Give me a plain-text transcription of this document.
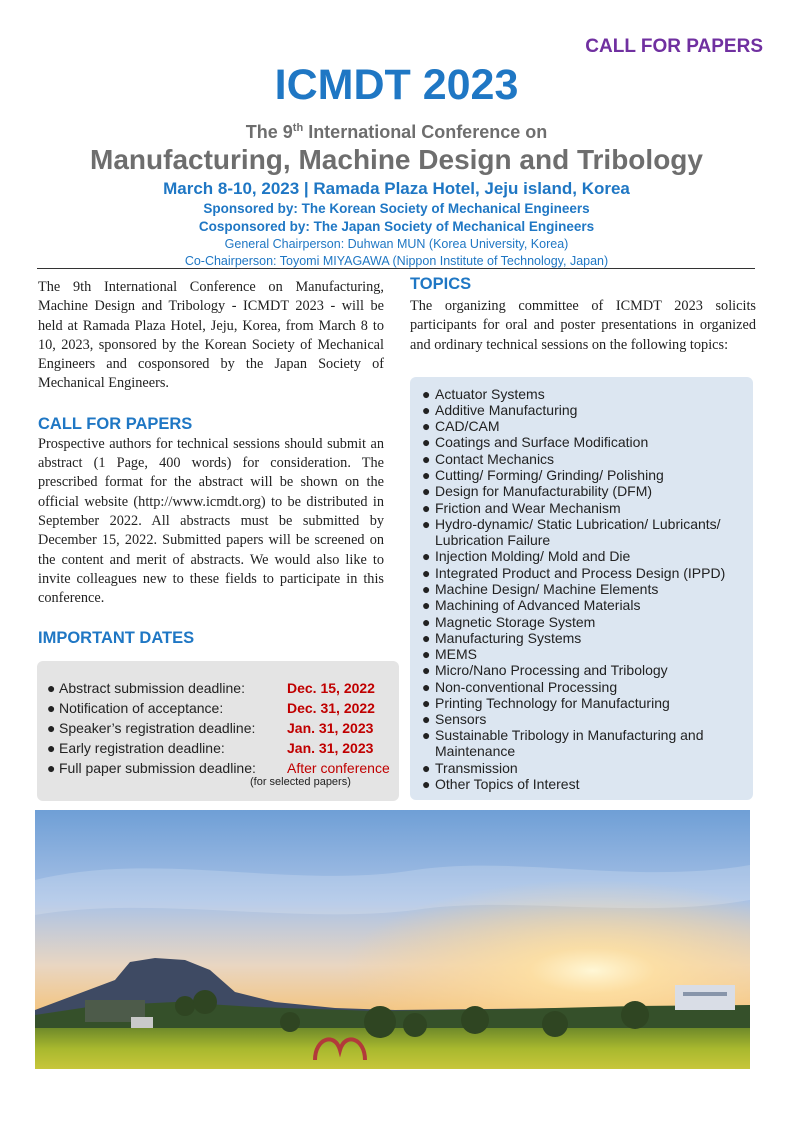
CALL FOR PAPERS
ICMDT 2023
The 9th International Conference on
Manufacturing, Machine Design and Tribology
March 8-10, 2023 | Ramada Plaza Hotel, Jeju island, Korea
Sponsored by: The Korean Society of Mechanical Engineers
Cosponsored by: The Japan Society of Mechanical Engineers
General Chairperson: Duhwan MUN (Korea University, Korea)
Co-Chairperson: Toyomi MIYAGAWA (Nippon Institute of Technology, Japan)

The 9th International Conference on Manufacturing, Machine Design and Tribology - ICMDT 2023 - will be held at Ramada Plaza Hotel, Jeju, Korea, from March 8 to 10, 2023, sponsored by the Korean Society of Mechanical Engineers and cosponsored by the Japan Society of Mechanical Engineers.

CALL FOR PAPERS

Prospective authors for technical sessions should submit an abstract (1 Page, 400 words) for consideration. The prescribed format for the abstract will be shown on the official website (http://www.icmdt.org) to be distributed in September 2022. All abstracts must be submitted by December 15, 2022. Submitted papers will be screened on the content and merit of abstracts. We would also like to invite colleagues new to these fields to participate in this conference.

IMPORTANT DATES

● Abstract submission deadline:	Dec. 15, 2022
● Notification of acceptance:	Dec. 31, 2022
● Speaker’s registration deadline: Jan. 31, 2023
● Early registration deadline:	Jan. 31, 2023
● Full paper submission deadline: After conference
(for selected papers)

TOPICS

The organizing committee of ICMDT 2023 solicits participants for oral and poster presentations in organized and ordinary technical sessions on the following topics:

● Actuator Systems
● Additive Manufacturing
● CAD/CAM
● Coatings and Surface Modification
● Contact Mechanics
● Cutting/ Forming/ Grinding/ Polishing
● Design for Manufacturability (DFM)
● Friction and Wear Mechanism
● Hydro-dynamic/ Static Lubrication/ Lubricants/ Lubrication Failure
● Injection Molding/ Mold and Die
● Integrated Product and Process Design (IPPD)
● Machine Design/ Machine Elements
● Machining of Advanced Materials
● Magnetic Storage System
● Manufacturing Systems
● MEMS
● Micro/Nano Processing and Tribology
● Non-conventional Processing
● Printing Technology for Manufacturing
● Sensors
● Sustainable Tribology in Manufacturing and Maintenance
● Transmission
● Other Topics of Interest
